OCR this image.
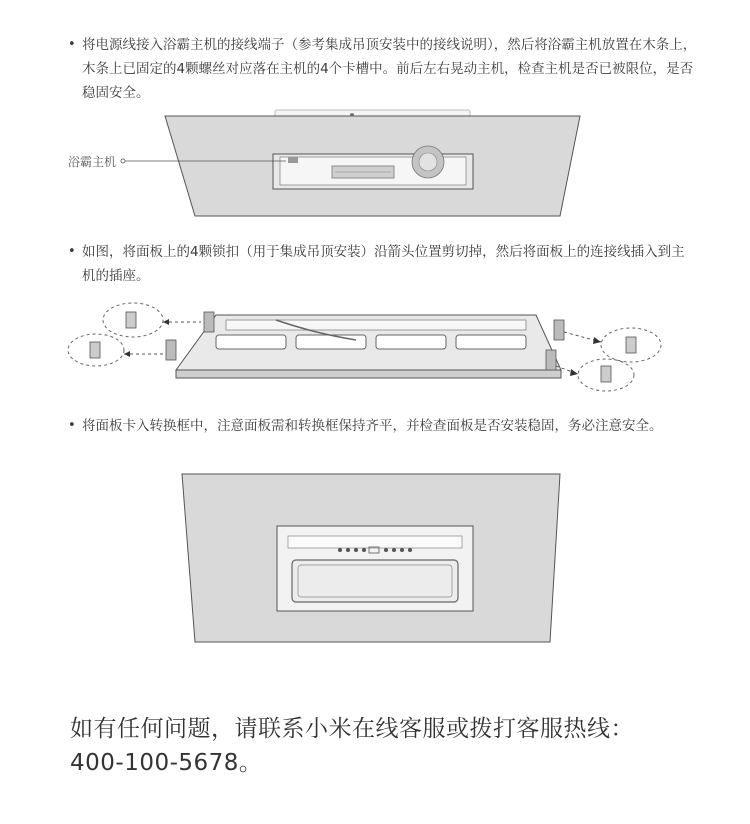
• 将电源线接入浴霸主机的接线端子（参考集成吊顶安装中的接线说明），然后将浴霸主机放置在木条上，木条上已固定的4颗螺丝对应落在主机的4个卡槽中。前后左右晃动主机，检查主机是否已被限位，是否稳固安全。
浴霸主机
• 如图，将面板上的4颗锁扣（用于集成吊顶安装）沿箭头位置剪切掉，然后将面板上的连接线插入到主机的插座。
• 将面板卡入转换框中，注意面板需和转换框保持齐平，并检查面板是否安装稳固，务必注意安全。
如有任何问题，请联系小米在线客服或拨打客服热线：
400-100-5678。
